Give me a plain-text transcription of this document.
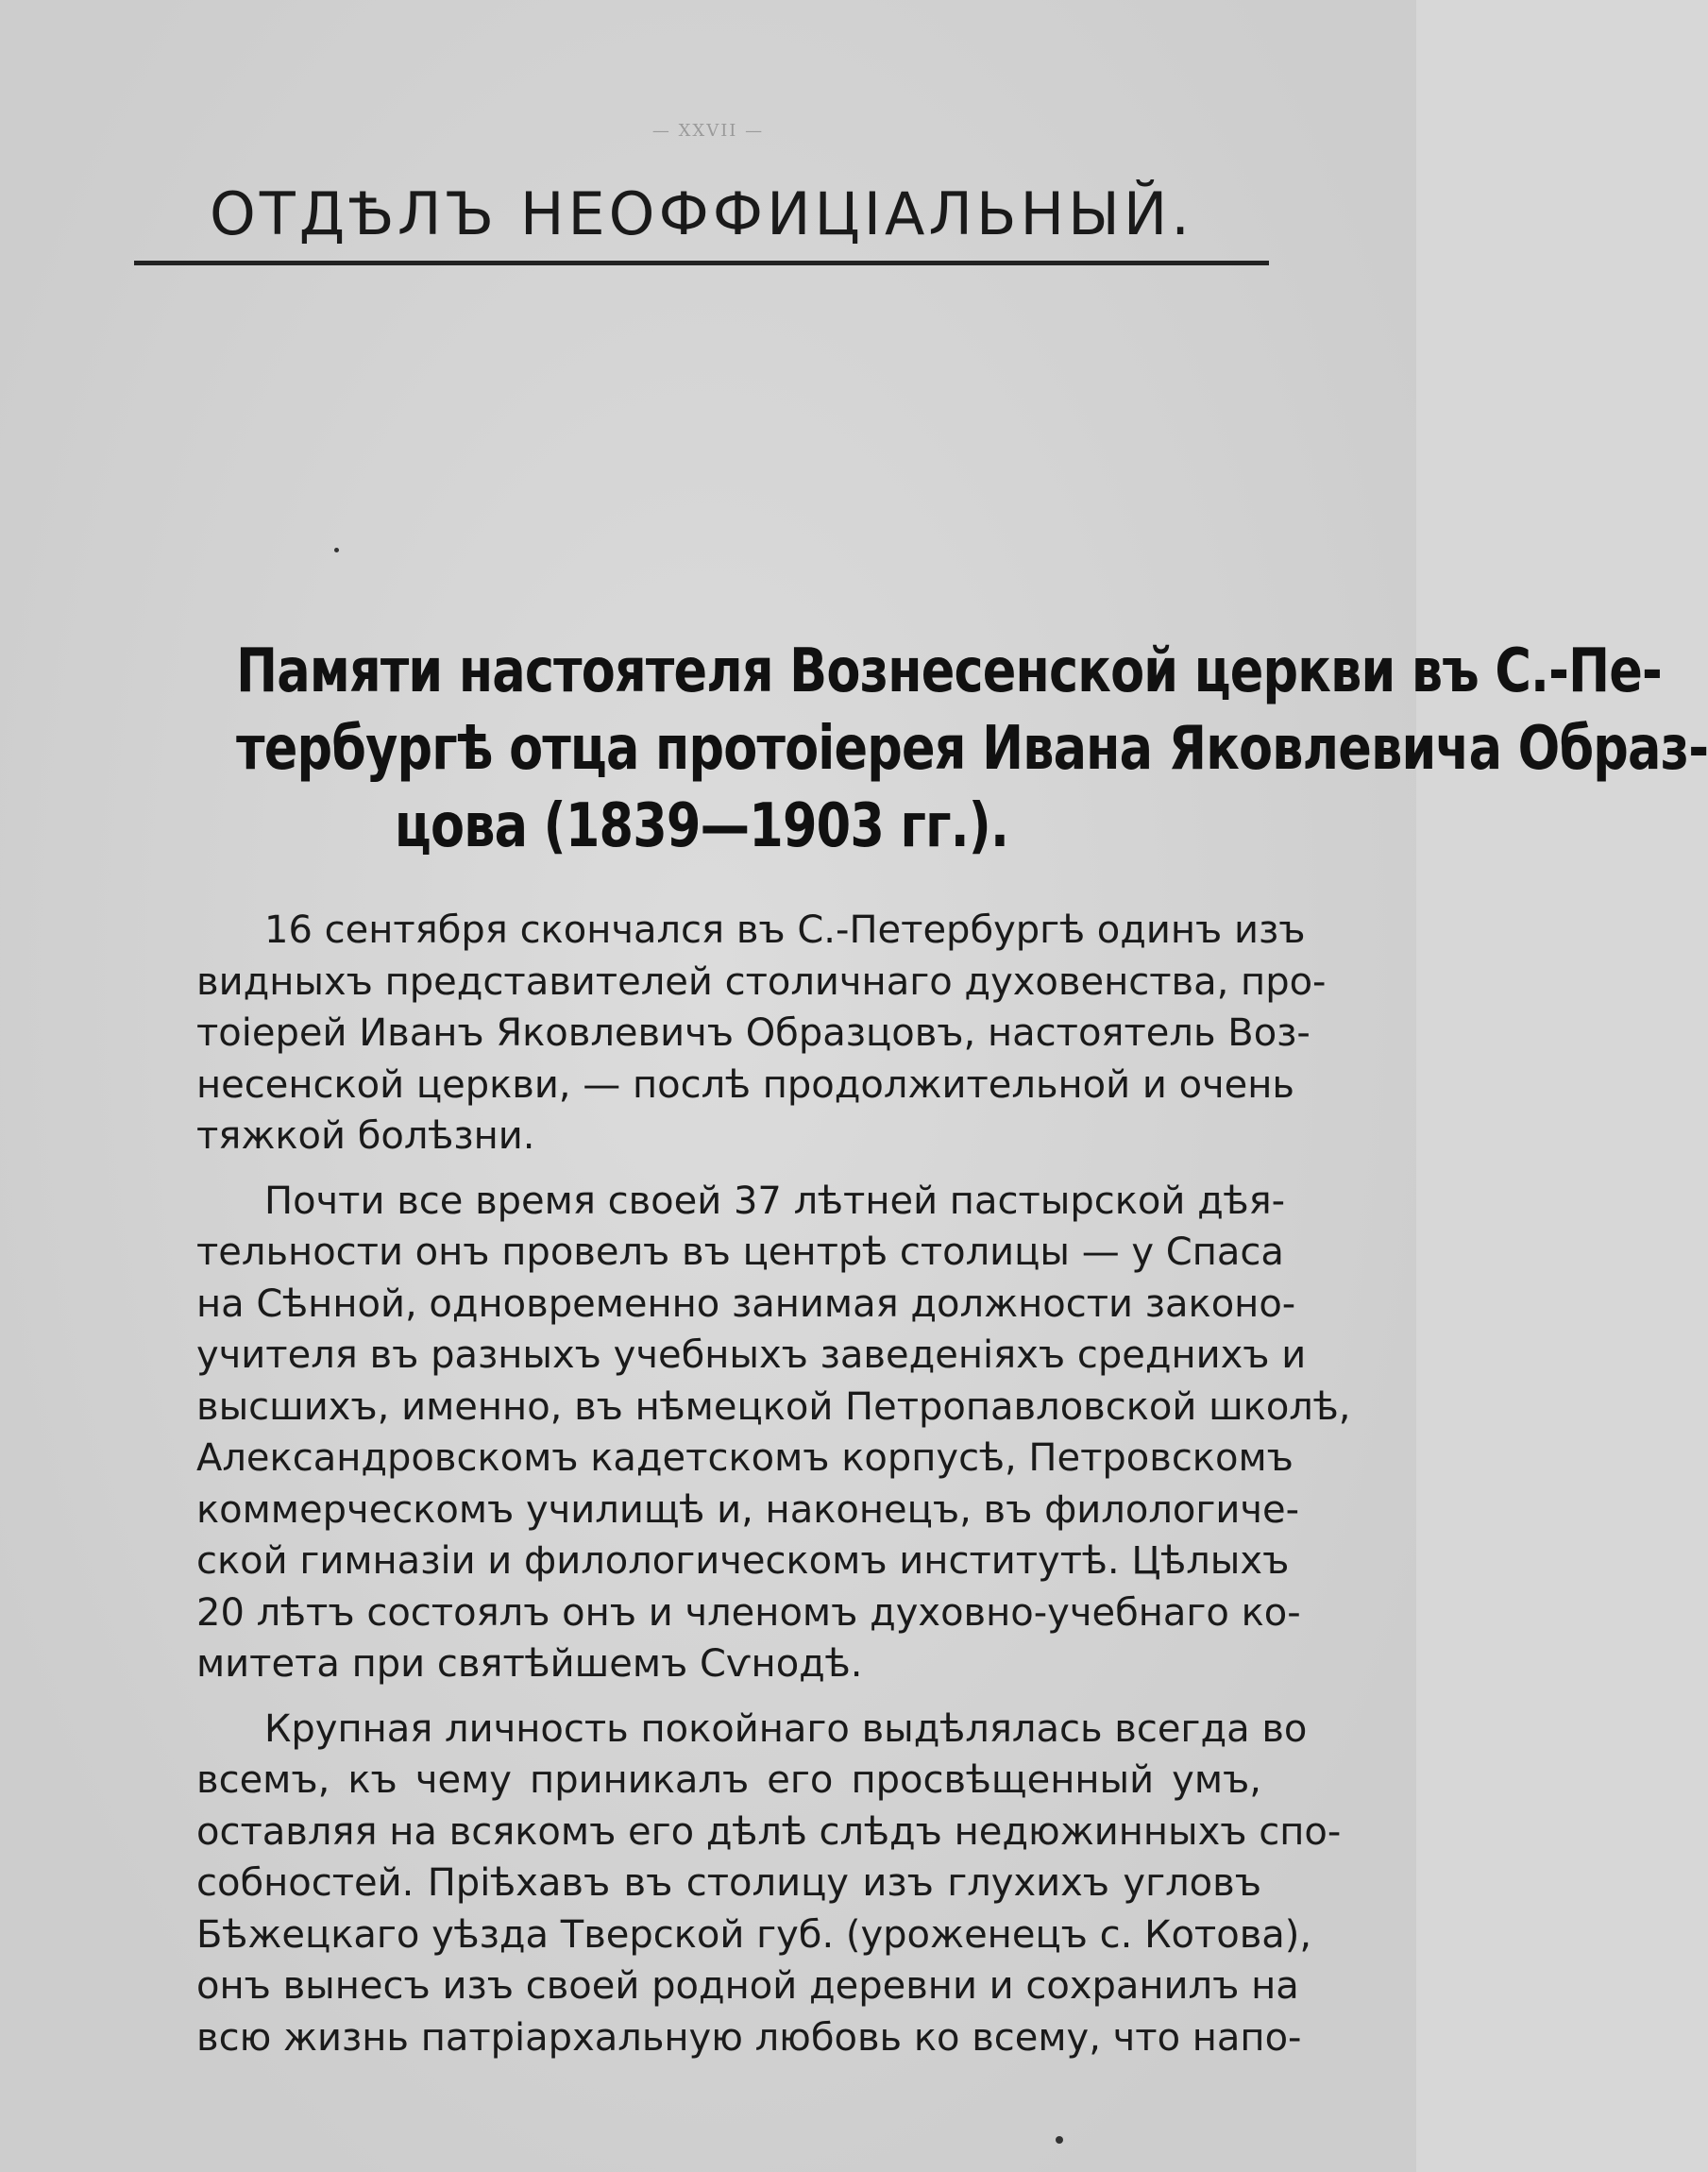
— XXVII —
ОТДѢЛЪ НЕОФФИЦІАЛЬНЫЙ.
Памяти настоятеля Вознесенской церкви въ С.-Пе-
тербургѣ отца протоіерея Ивана Яковлевича Образ-
цова (1839—1903 гг.).
16 сентября скончался въ С.-Петербургѣ одинъ изъ
видныхъ представителей столичнаго духовенства, про-
тоіерей Иванъ Яковлевичъ Образцовъ, настоятель Воз-
несенской церкви, — послѣ продолжительной и очень
тяжкой болѣзни.
Почти все время своей 37 лѣтней пастырской дѣя-
тельности онъ провелъ въ центрѣ столицы — у Спаса
на Сѣнной, одновременно занимая должности законо-
учителя въ разныхъ учебныхъ заведеніяхъ среднихъ и
высшихъ, именно, въ нѣмецкой Петропавловской школѣ,
Александровскомъ кадетскомъ корпусѣ, Петровскомъ
коммерческомъ училищѣ и, наконецъ, въ филологиче-
ской гимназіи и филологическомъ институтѣ. Цѣлыхъ
20 лѣтъ состоялъ онъ и членомъ духовно-учебнаго ко-
митета при святѣйшемъ Сѵнодѣ.
Крупная личность покойнаго выдѣлялась всегда во
всемъ, къ чему приникалъ его просвѣщенный умъ,
оставляя на всякомъ его дѣлѣ слѣдъ недюжинныхъ спо-
собностей. Пріѣхавъ въ столицу изъ глухихъ угловъ
Бѣжецкаго уѣзда Тверской губ. (уроженецъ с. Котова),
онъ вынесъ изъ своей родной деревни и сохранилъ на
всю жизнь патріархальную любовь ко всему, что напо-
